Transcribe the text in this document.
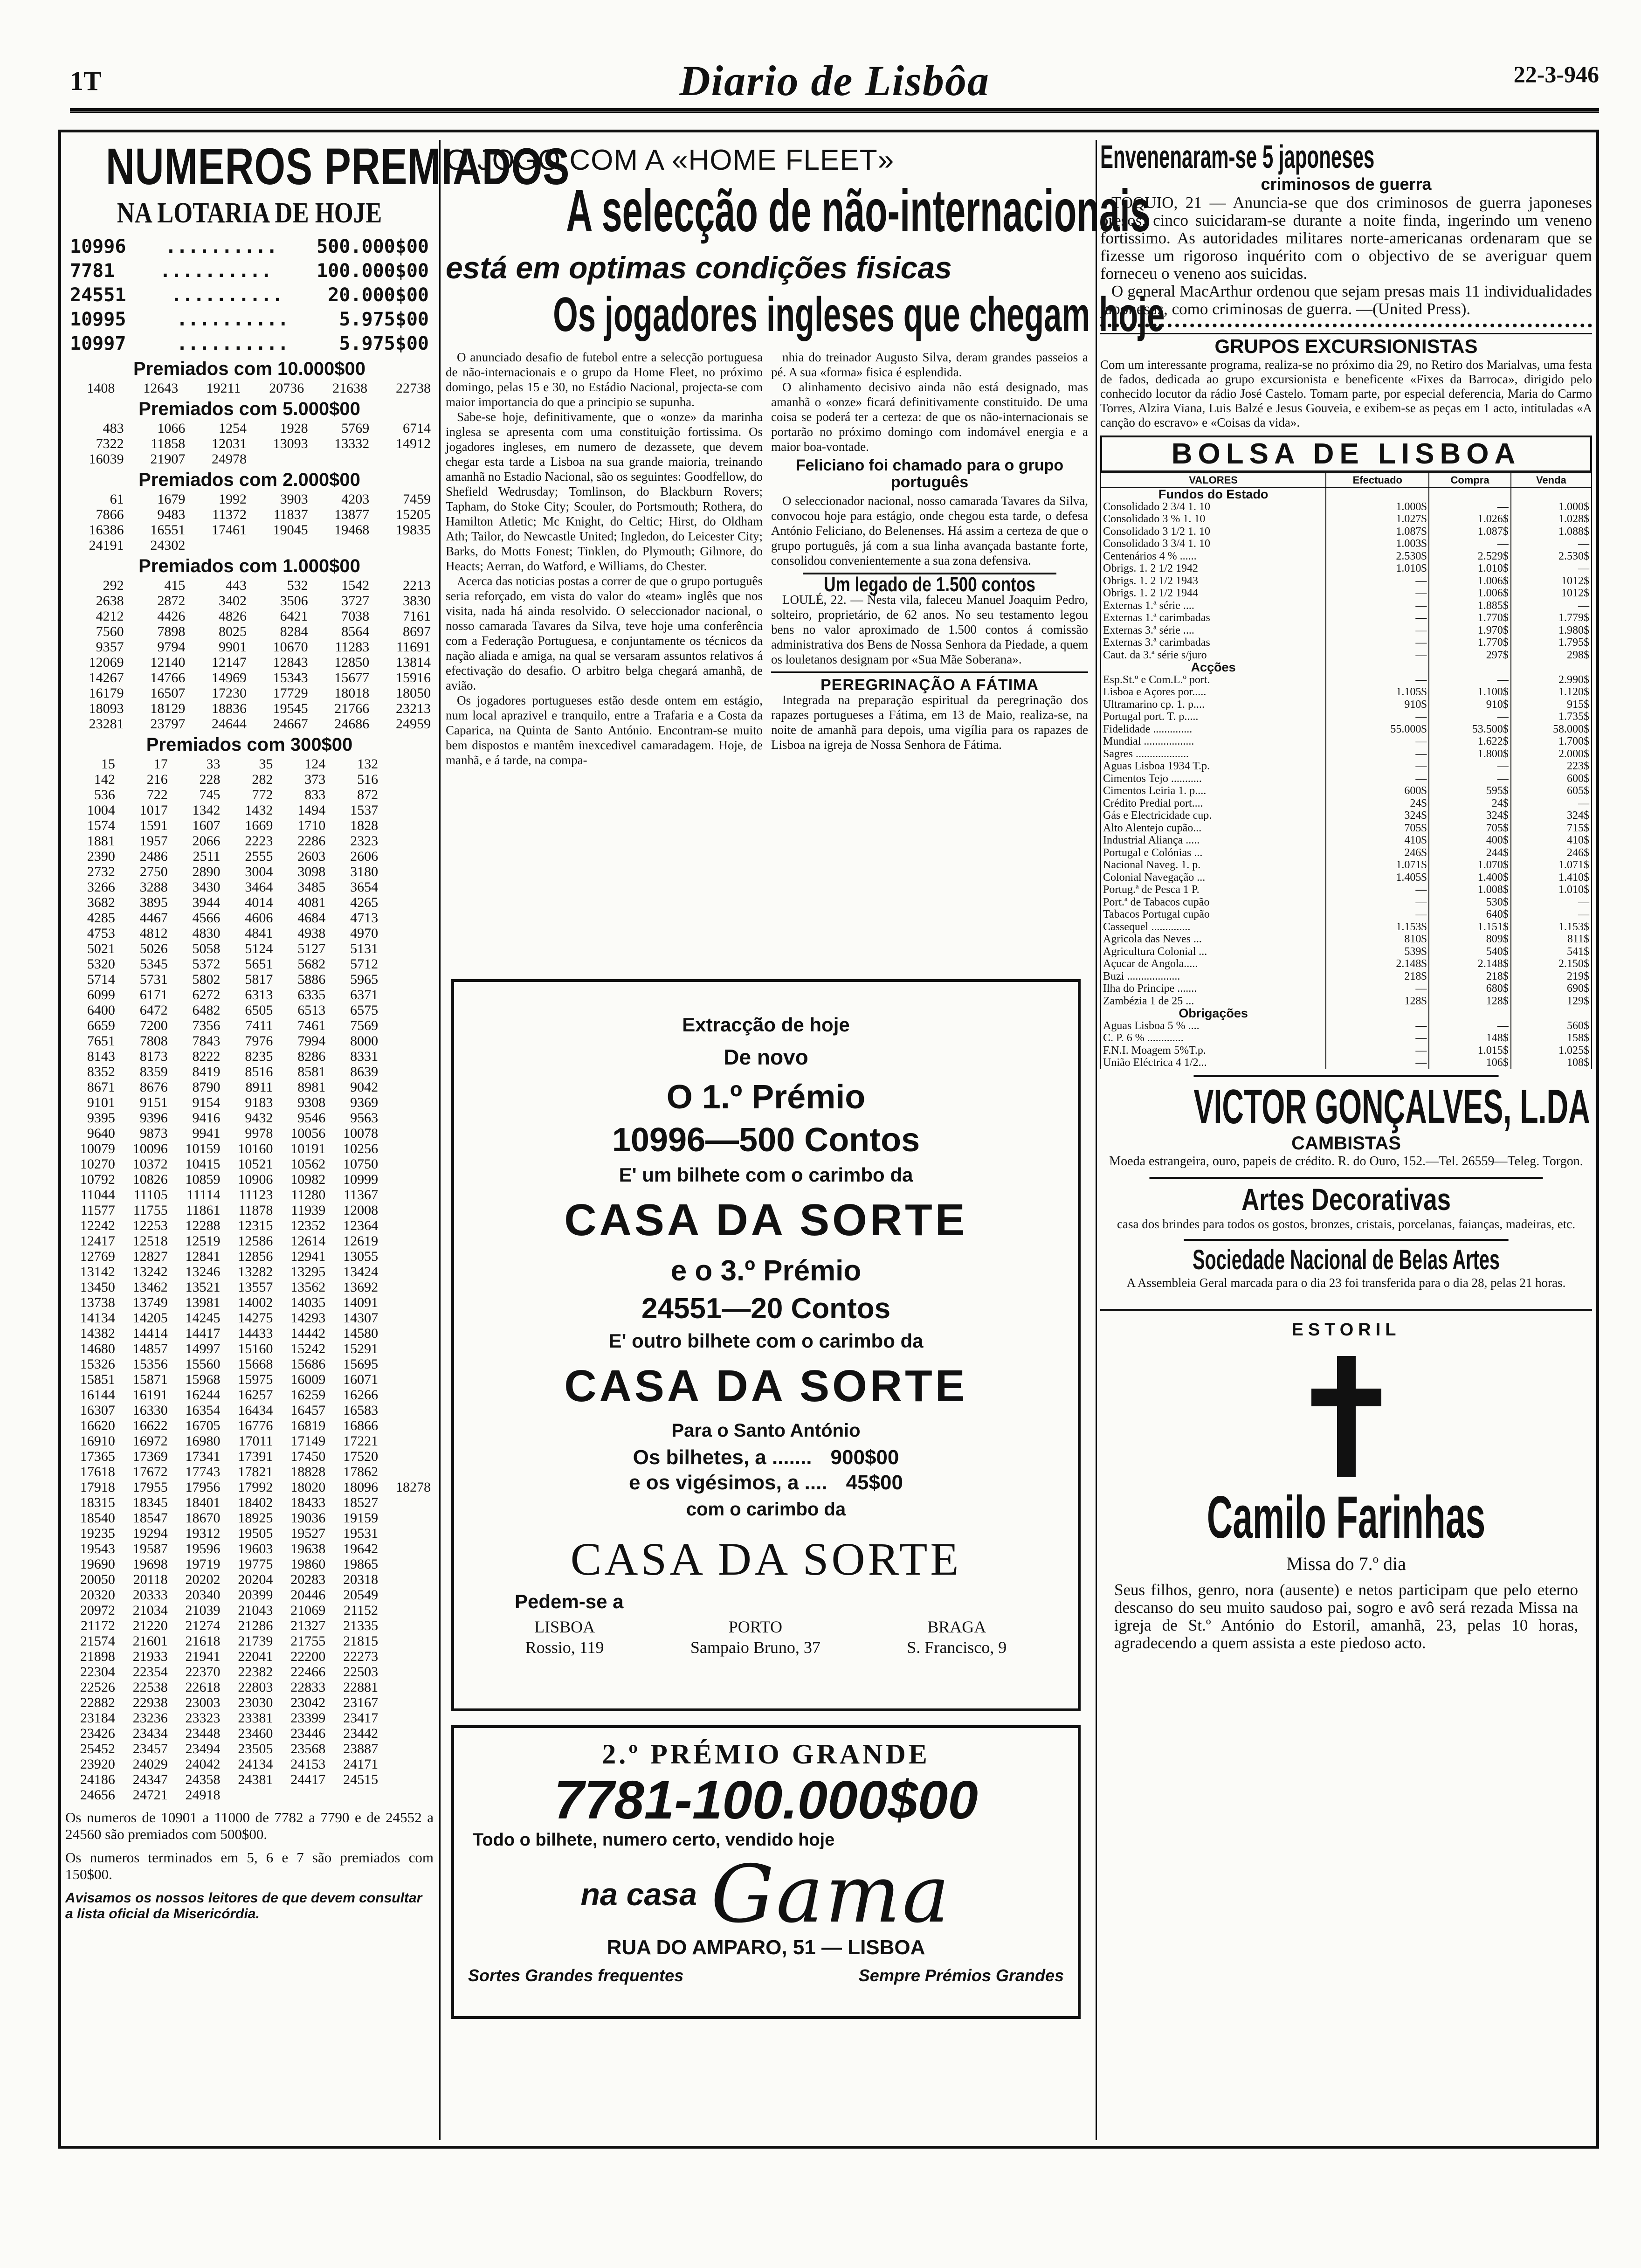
1T	Diario de Lisbôa	22-3-946
NUMEROS PREMIADOS
NA LOTARIA DE HOJE
10996 .......... 500.000$00
7781 .......... 100.000$00
24551 .......... 20.000$00
10995	..........	5.975$00
10997	..........	5.975$00
Premiados com 10.000$00
1408	12643	19211	20736	21638	22738
Premiados com 5.000$00
483	1066	1254	1928	5769	6714
7322	11858	12031	13093	13332	14912
16039	21907	24978			
Premiados com 2.000$00
61	1679	1992	3903	4203	7459
7866	9483	11372	11837	13877	15205
16386	16551	17461	19045	19468	19835
24191	24302				
Premiados com 1.000$00
292	415	443	532	1542	2213
2638	2872	3402	3506	3727	3830
4212	4426	4826	6421	7038	7161
7560	7898	8025	8284	8564	8697
9357	9794	9901	10670	11283	11691
12069	12140	12147	12843	12850	13814
14267	14766	14969	15343	15677	15916
16179	16507	17230	17729	18018	18050
18093	18129	18836	19545	21766	23213
23281	23797	24644	24667	24686	24959
Premiados com 300$00
15	17	33	35	124	132	
142	216	228	282	373	516	
536	722	745	772	833	872	
1004	1017	1342	1432	1494	1537	
1574	1591	1607	1669	1710	1828	
1881	1957	2066	2223	2286	2323	
2390	2486	2511	2555	2603	2606	
2732	2750	2890	3004	3098	3180	
3266	3288	3430	3464	3485	3654	
3682	3895	3944	4014	4081	4265	
4285	4467	4566	4606	4684	4713	
4753	4812	4830	4841	4938	4970	
5021	5026	5058	5124	5127	5131	
5320	5345	5372	5651	5682	5712	
5714	5731	5802	5817	5886	5965	
6099	6171	6272	6313	6335	6371	
6400	6472	6482	6505	6513	6575	
6659	7200	7356	7411	7461	7569	
7651	7808	7843	7976	7994	8000	
8143	8173	8222	8235	8286	8331	
8352	8359	8419	8516	8581	8639	
8671	8676	8790	8911	8981	9042	
9101	9151	9154	9183	9308	9369	
9395	9396	9416	9432	9546	9563	
9640	9873	9941	9978	10056	10078	
10079	10096	10159	10160	10191	10256	
10270	10372	10415	10521	10562	10750	
10792	10826	10859	10906	10982	10999	
11044	11105	11114	11123	11280	11367	
11577	11755	11861	11878	11939	12008	
12242	12253	12288	12315	12352	12364	
12417	12518	12519	12586	12614	12619	
12769	12827	12841	12856	12941	13055	
13142	13242	13246	13282	13295	13424	
13450	13462	13521	13557	13562	13692	
13738	13749	13981	14002	14035	14091	
14134	14205	14245	14275	14293	14307	
14382	14414	14417	14433	14442	14580	
14680	14857	14997	15160	15242	15291	
15326	15356	15560	15668	15686	15695	
15851	15871	15968	15975	16009	16071	
16144	16191	16244	16257	16259	16266	
16307	16330	16354	16434	16457	16583	
16620	16622	16705	16776	16819	16866	
16910	16972	16980	17011	17149	17221	
17365	17369	17341	17391	17450	17520	
17618	17672	17743	17821	18828	17862	
17918	17955	17956	17992	18020	18096	18278
18315	18345	18401	18402	18433	18527	
18540	18547	18670	18925	19036	19159	
19235	19294	19312	19505	19527	19531	
19543	19587	19596	19603	19638	19642	
19690	19698	19719	19775	19860	19865	
20050	20118	20202	20204	20283	20318	
20320	20333	20340	20399	20446	20549	
20972	21034	21039	21043	21069	21152	
21172	21220	21274	21286	21327	21335	
21574	21601	21618	21739	21755	21815	
21898	21933	21941	22041	22200	22273	
22304	22354	22370	22382	22466	22503	
22526	22538	22618	22803	22833	22881	
22882	22938	23003	23030	23042	23167	
23184	23236	23323	23381	23399	23417	
23426	23434	23448	23460	23446	23442	
25452	23457	23494	23505	23568	23887	
23920	24029	24042	24134	24153	24171	
24186	24347	24358	24381	24417	24515	
24656	24721	24918				
Os numeros de 10901 a 11000 de 7782 a 7790 e de 24552 a 24560 são premiados com 500$00.
Os numeros terminados em 5, 6 e 7 são premiados com 150$00.
Avisamos os nossos leitores de que devem consultar a lista oficial da Misericórdia.
O JOGO COM A «HOME FLEET»
A selecção de não-internacionais
está em optimas condições fisicas
Os jogadores ingleses que chegam hoje

O anunciado desafio de futebol entre a selecção portuguesa de não-internacionais e o grupo da Home Fleet, no próximo domingo, pelas 15 e 30, no Estádio Nacional, projecta-se com maior importancia do que a principio se supunha.

Sabe-se hoje, definitivamente, que o «onze» da marinha inglesa se apresenta com uma constituição fortissima. Os jogadores ingleses, em numero de dezassete, que devem chegar esta tarde a Lisboa na sua grande maioria, treinando amanhã no Estadio Nacional, são os seguintes: Goodfellow, do Shefield Wedrusday; Tomlinson, do Blackburn Rovers; Tapham, do Stoke City; Scouler, do Portsmouth; Rothera, do Hamilton Atletic; Mc Knight, do Celtic; Hirst, do Oldham Ath; Tailor, do Newcastle United; Ingledon, do Leicester City; Barks, do Motts Fonest; Tinklen, do Plymouth; Gilmore, do Heacts; Aerran, do Watford, e Williams, do Chester.

Acerca das noticias postas a correr de que o grupo português seria reforçado, em vista do valor do «team» inglês que nos visita, nada há ainda resolvido. O seleccionador nacional, o nosso camarada Tavares da Silva, teve hoje uma conferência com a Federação Portuguesa, e conjuntamente os técnicos da nação aliada e amiga, na qual se versaram assuntos relativos á efectivação do desafio. O arbitro belga chegará amanhã, de avião.

Os jogadores portugueses estão desde ontem em estágio, num local aprazivel e tranquilo, entre a Trafaria e a Costa da Caparica, na Quinta de Santo António. Encontram-se muito bem dispostos e mantêm inexcedivel camaradagem. Hoje, de manhã, e á tarde, na compa-

nhia do treinador Augusto Silva, deram grandes passeios a pé. A sua «forma» fisica é esplendida.

O alinhamento decisivo ainda não está designado, mas amanhã o «onze» ficará definitivamente constituido. De uma coisa se poderá ter a certeza: de que os não-internacionais se portarão no próximo domingo com indomável energia e a maior boa-vontade.

Feliciano foi chamado para o grupo português

O seleccionador nacional, nosso camarada Tavares da Silva, convocou hoje para estágio, onde chegou esta tarde, o defesa António Feliciano, do Belenenses. Há assim a certeza de que o grupo português, já com a sua linha avançada bastante forte, consolidou convenientemente a sua zona defensiva.

Um legado de 1.500 contos

LOULÉ, 22. — Nesta vila, faleceu Manuel Joaquim Pedro, solteiro, proprietário, de 62 anos. No seu testamento legou bens no valor aproximado de 1.500 contos á comissão administrativa dos Bens de Nossa Senhora da Piedade, a quem os louletanos designam por «Sua Mãe Soberana».

PEREGRINAÇÃO A FÁTIMA

Integrada na preparação espiritual da peregrinação dos rapazes portugueses a Fátima, em 13 de Maio, realiza-se, na noite de amanhã para depois, uma vigília para os rapazes de Lisboa na igreja de Nossa Senhora de Fátima.

Extracção de hoje
De novo
O 1.º Prémio
10996—500 Contos
E' um bilhete com o carimbo da
CASA DA SORTE
e o 3.º Prémio
24551—20 Contos
E' outro bilhete com o carimbo da
CASA DA SORTE
Para o Santo António
Os bilhetes, a ....... 900$00
e os vigésimos, a .... 45$00
com o carimbo da
CASA DA SORTE
Pedem-se a
LISBOA
Rossio, 119
PORTO
Sampaio Bruno, 37
BRAGA
S. Francisco, 9
2.º PRÉMIO GRANDE
7781-100.000$00
Todo o bilhete, numero certo, vendido hoje
na casa Gama
RUA DO AMPARO, 51 — LISBOA
Sortes Grandes frequentes	Sempre Prémios Grandes
Envenenaram-se 5 japoneses
criminosos de guerra

TOQUIO, 21 — Anuncia-se que dos criminosos de guerra japoneses presos, cinco suicidaram-se durante a noite finda, ingerindo um veneno fortissimo. As autoridades militares norte-americanas ordenaram que se fizesse um rigoroso inquérito com o objectivo de se averiguar quem forneceu o veneno aos suicidas.

O general MacArthur ordenou que sejam presas mais 11 individualidades japonesas, como criminosas de guerra. —(United Press).

GRUPOS EXCURSIONISTAS
Com um interessante programa, realiza-se no próximo dia 29, no Retiro dos Marialvas, uma festa de fados, dedicada ao grupo excursionista e beneficente «Fixes da Barroca», dirigido pelo conhecido locutor da rádio José Castelo. Tomam parte, por especial deferencia, Maria do Carmo Torres, Alzira Viana, Luis Balzé e Jesus Gouveia, e exibem-se as peças em 1 acto, intituladas «A canção do escravo» e «Coisas da vida».
BOLSA DE LISBOA
VALORES	Efectuado	Compra	Venda
Fundos do Estado			
Consolidado 2 3/4 1. 10	1.000$	—	1.000$
Consolidado 3 % 1. 10	1.027$	1.026$	1.028$
Consolidado 3 1/2 1. 10	1.087$	1.087$	1.088$
Consolidado 3 3/4 1. 10	1.003$	—	—
Centenários 4 % ......	2.530$	2.529$	2.530$
Obrigs. 1. 2 1/2 1942	1.010$	1.010$	—
Obrigs. 1. 2 1/2 1943	—	1.006$	1012$
Obrigs. 1. 2 1/2 1944	—	1.006$	1012$
Externas 1.ª série ....	—	1.885$	—
Externas 1.ª carimbadas	—	1.770$	1.779$
Externas 3.ª série ....	—	1.970$	1.980$
Externas 3.ª carimbadas	—	1.770$	1.795$
Caut. da 3.ª série s/juro	—	297$	298$
Acções			
Esp.St.º e Com.L.º port.	—	—	2.990$
Lisboa e Açores por.....	1.105$	1.100$	1.120$
Ultramarino cp. 1. p....	910$	910$	915$
Portugal port. T. p.....	—	—	1.735$
Fidelidade ..............	55.000$	53.500$	58.000$
Mundial ..................	—	1.622$	1.700$
Sagres ...................	—	1.800$	2.000$
Aguas Lisboa 1934 T.p.	—	—	223$
Cimentos Tejo ...........	—	—	600$
Cimentos Leiria 1. p....	600$	595$	605$
Crédito Predial port....	24$	24$	—
Gás e Electricidade cup.	324$	324$	324$
Alto Alentejo cupão...	705$	705$	715$
Industrial Aliança .....	410$	400$	410$
Portugal e Colónias ...	246$	244$	246$
Nacional Naveg. 1. p.	1.071$	1.070$	1.071$
Colonial Navegação ...	1.405$	1.400$	1.410$
Portug.ª de Pesca 1 P.	—	1.008$	1.010$
Port.ª de Tabacos cupão	—	530$	—
Tabacos Portugal cupão	—	640$	—
Cassequel ..............	1.153$	1.151$	1.153$
Agricola das Neves ...	810$	809$	811$
Agricultura Colonial ...	539$	540$	541$
Açucar de Angola.....	2.148$	2.148$	2.150$
Buzi ...................	218$	218$	219$
Ilha do Principe .......	—	680$	690$
Zambézia 1 de 25 ...	128$	128$	129$
Obrigações			
Aguas Lisboa 5 % ....	—	—	560$
C. P. 6 % .............	—	148$	158$
F.N.I. Moagem 5%T.p.	—	1.015$	1.025$
União Eléctrica 4 1/2...	—	106$	108$
VICTOR GONÇALVES, L.DA
CAMBISTAS
Moeda estrangeira, ouro, papeis de crédito. R. do Ouro, 152.—Tel. 26559—Teleg. Torgon.
Artes Decorativas
casa dos brindes para todos os gostos, bronzes, cristais, porcelanas, faianças, madeiras, etc.
Sociedade Nacional de Belas Artes
A Assembleia Geral marcada para o dia 23 foi transferida para o dia 28, pelas 21 horas.
ESTORIL
Camilo Farinhas
Missa do 7.º dia
Seus filhos, genro, nora (ausente) e netos participam que pelo eterno descanso do seu muito saudoso pai, sogro e avô será rezada Missa na igreja de St.º António do Estoril, amanhã, 23, pelas 10 horas, agradecendo a quem assista a este piedoso acto.
